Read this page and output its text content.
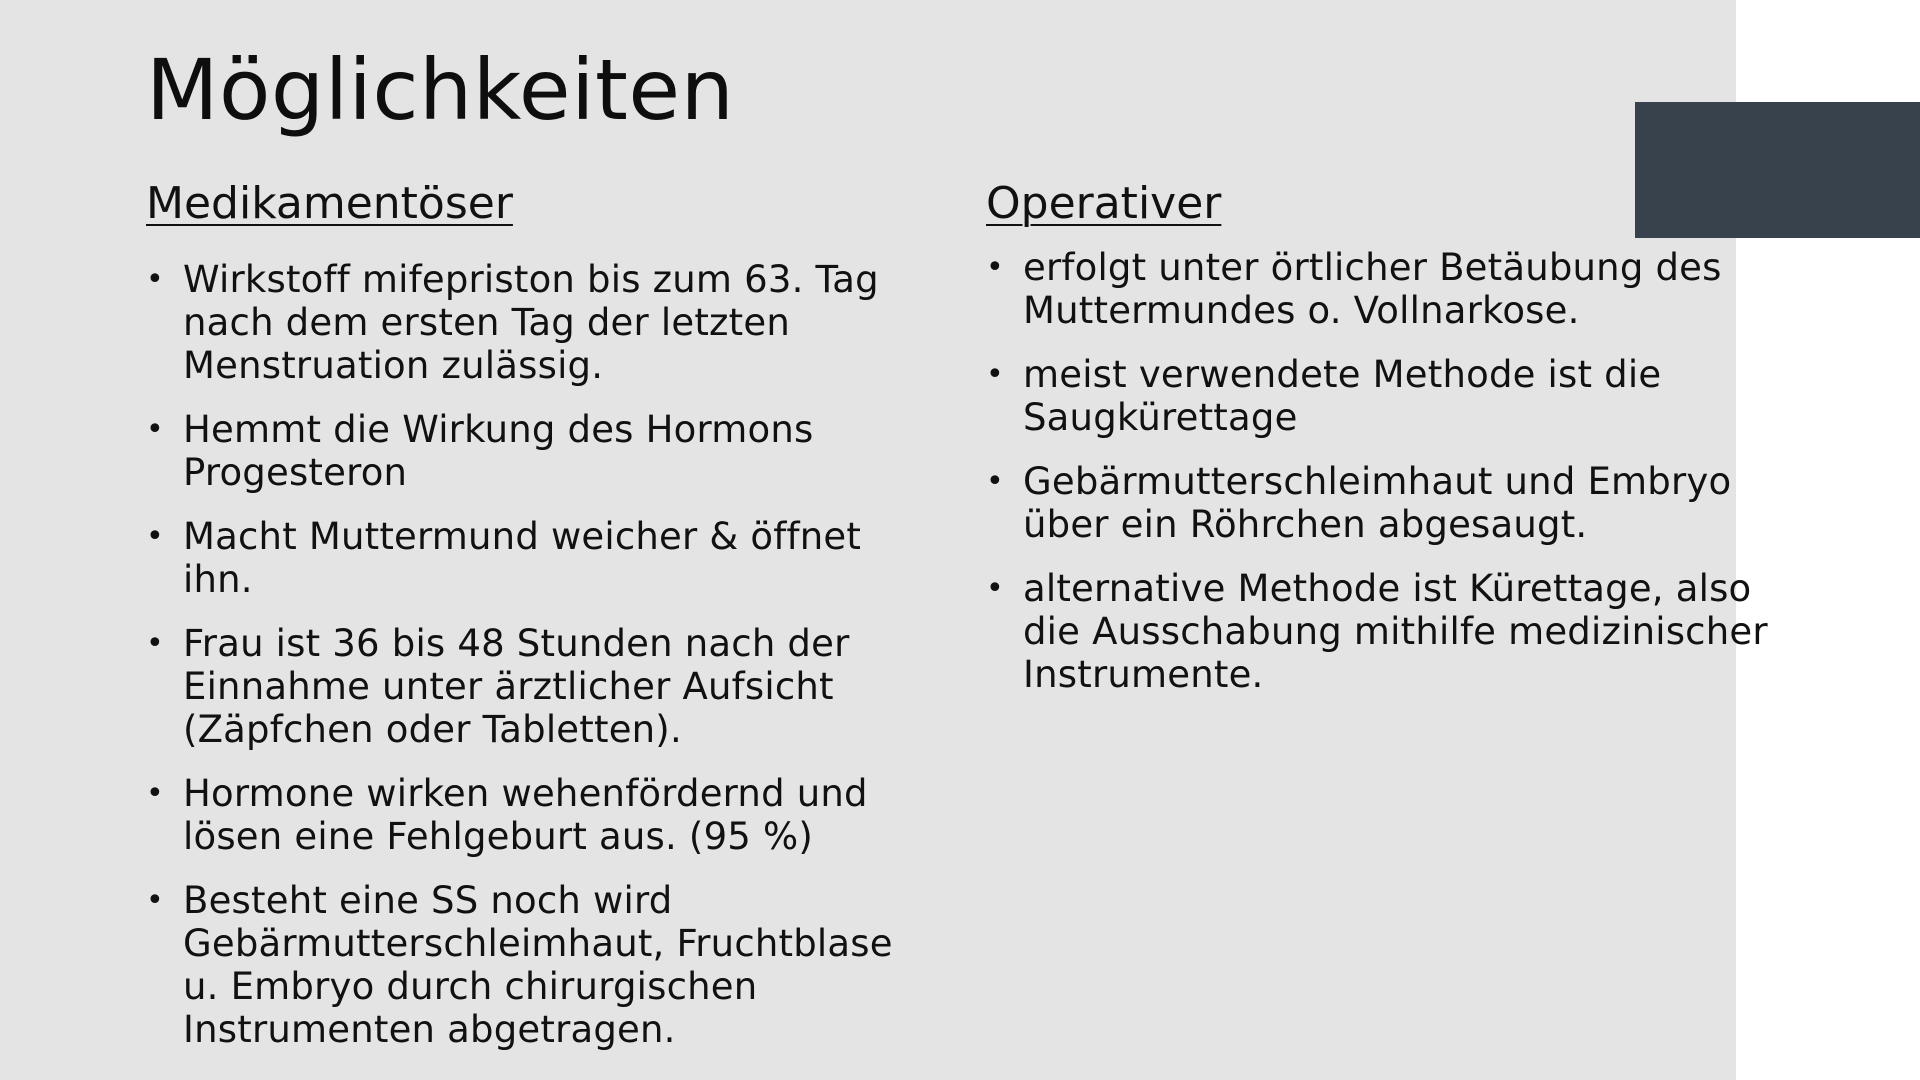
Möglichkeiten
Medikamentöser	Operativer
• Wirkstoff mifepriston bis zum 63. Tag nach dem ersten Tag der letzten Menstruation zulässig.
• Hemmt die Wirkung des Hormons Progesteron
• Macht Muttermund weicher & öffnet ihn.
• Frau ist 36 bis 48 Stunden nach der Einnahme unter ärztlicher Aufsicht (Zäpfchen oder Tabletten).
• Hormone wirken wehenfördernd und lösen eine Fehlgeburt aus. (95 %)
• Besteht eine SS noch wird Gebärmutterschleimhaut, Fruchtblase u. Embryo durch chirurgischen Instrumenten abgetragen.
• erfolgt unter örtlicher Betäubung des Muttermundes o. Vollnarkose.
• meist verwendete Methode ist die Saugkürettage
• Gebärmutterschleimhaut und Embryo über ein Röhrchen abgesaugt.
• alternative Methode ist Kürettage, also die Ausschabung mithilfe medizinischer Instrumente.
